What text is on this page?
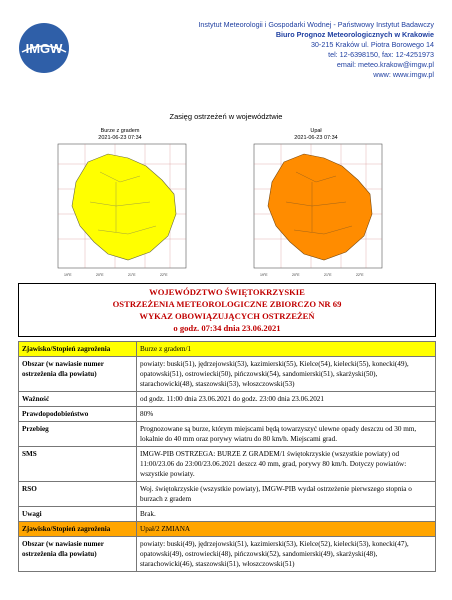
IMGW
Instytut Meteorologii i Gospodarki Wodnej - Państwowy Instytut Badawczy
Biuro Prognoz Meteorologicznych w Krakowie
30-215 Kraków ul. Piotra Borowego 14
tel: 12-6398150, fax: 12-4251973
email: meteo.krakow@imgw.pl
www: www.imgw.pl
Zasięg ostrzeżeń w województwie
Burze z gradem
2021-06-23 07:34
19°E	20°E	21°E	22°E
Upał
2021-06-23 07:34
19°E	20°E	21°E	22°E
WOJEWÓDZTWO ŚWIĘTOKRZYSKIE
OSTRZEŻENIA METEOROLOGICZNE ZBIORCZO NR 69
WYKAZ OBOWIĄZUJĄCYCH OSTRZEŻEŃ
o godz. 07:34 dnia 23.06.2021
Zjawisko/Stopień zagrożenia	Burze z gradem/1
Obszar (w nawiasie numer ostrzeżenia dla powiatu)	powiaty: buski(51), jędrzejowski(53), kazimierski(55), Kielce(54), kielecki(55), konecki(49), opatowski(51), ostrowiecki(50), pińczowski(54), sandomierski(51), skarżyski(50), starachowicki(48), staszowski(53), włoszczowski(53)
Ważność	od godz. 11:00 dnia 23.06.2021 do godz. 23:00 dnia 23.06.2021
Prawdopodobieństwo	80%
Przebieg	Prognozowane są burze, którym miejscami będą towarzyszyć ulewne opady deszczu od 30 mm, lokalnie do 40 mm oraz porywy wiatru do 80 km/h. Miejscami grad.
SMS	IMGW-PIB OSTRZEGA: BURZE Z GRADEM/1 świętokrzyskie (wszystkie powiaty) od 11:00/23.06 do 23:00/23.06.2021 deszcz 40 mm, grad, porywy 80 km/h. Dotyczy powiatów: wszystkie powiaty.
RSO	Woj. świętokrzyskie (wszystkie powiaty), IMGW-PIB wydał ostrzeżenie pierwszego stopnia o burzach z gradem
Uwagi	Brak.
Zjawisko/Stopień zagrożenia	Upał/2 ZMIANA
Obszar (w nawiasie numer ostrzeżenia dla powiatu)	powiaty: buski(49), jędrzejowski(51), kazimierski(53), Kielce(52), kielecki(53), konecki(47), opatowski(49), ostrowiecki(48), pińczowski(52), sandomierski(49), skarżyski(48), starachowicki(46), staszowski(51), włoszczowski(51)
